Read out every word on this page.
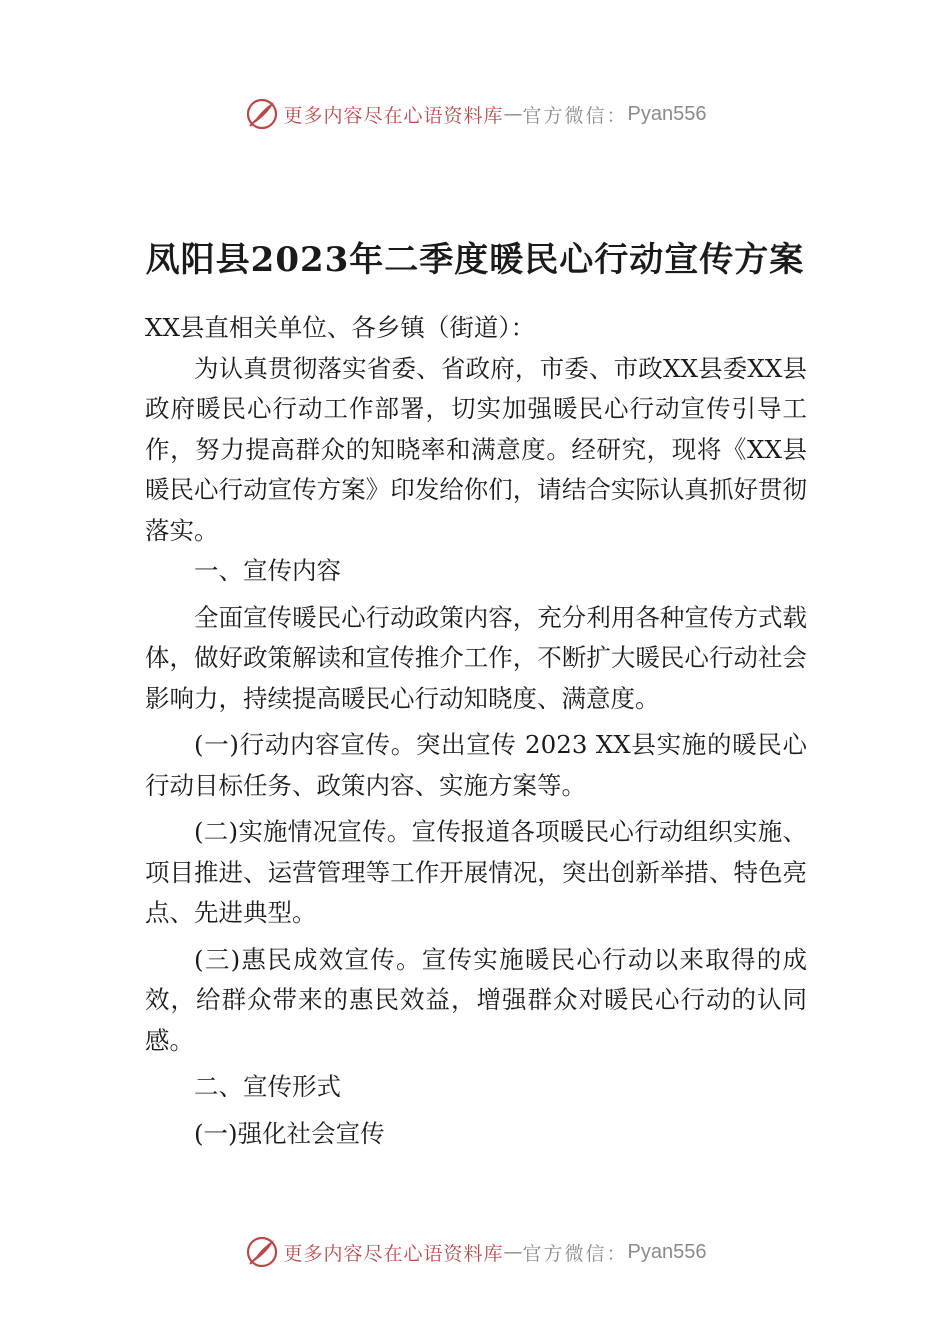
更多内容尽在心语资料库 — 官方微信： Pyan556
凤阳县2023年二季度暖民心行动宣传方案

XX县直相关单位、各乡镇（街道）：

为认真贯彻落实省委、省政府，市委、市政XX县委XX县政府暖民心行动工作部署，切实加强暖民心行动宣传引导工作，努力提高群众的知晓率和满意度。经研究，现将《XX县暖民心行动宣传方案》印发给你们，请结合实际认真抓好贯彻落实。

一、宣传内容

全面宣传暖民心行动政策内容，充分利用各种宣传方式载体，做好政策解读和宣传推介工作，不断扩大暖民心行动社会影响力，持续提高暖民心行动知晓度、满意度。

(一)行动内容宣传。突出宣传 2023 XX县实施的暖民心行动目标任务、政策内容、实施方案等。

(二)实施情况宣传。宣传报道各项暖民心行动组织实施、项目推进、运营管理等工作开展情况，突出创新举措、特色亮点、先进典型。

(三)惠民成效宣传。宣传实施暖民心行动以来取得的成效，给群众带来的惠民效益，增强群众对暖民心行动的认同感。

二、宣传形式

(一)强化社会宣传

更多内容尽在心语资料库 — 官方微信： Pyan556
